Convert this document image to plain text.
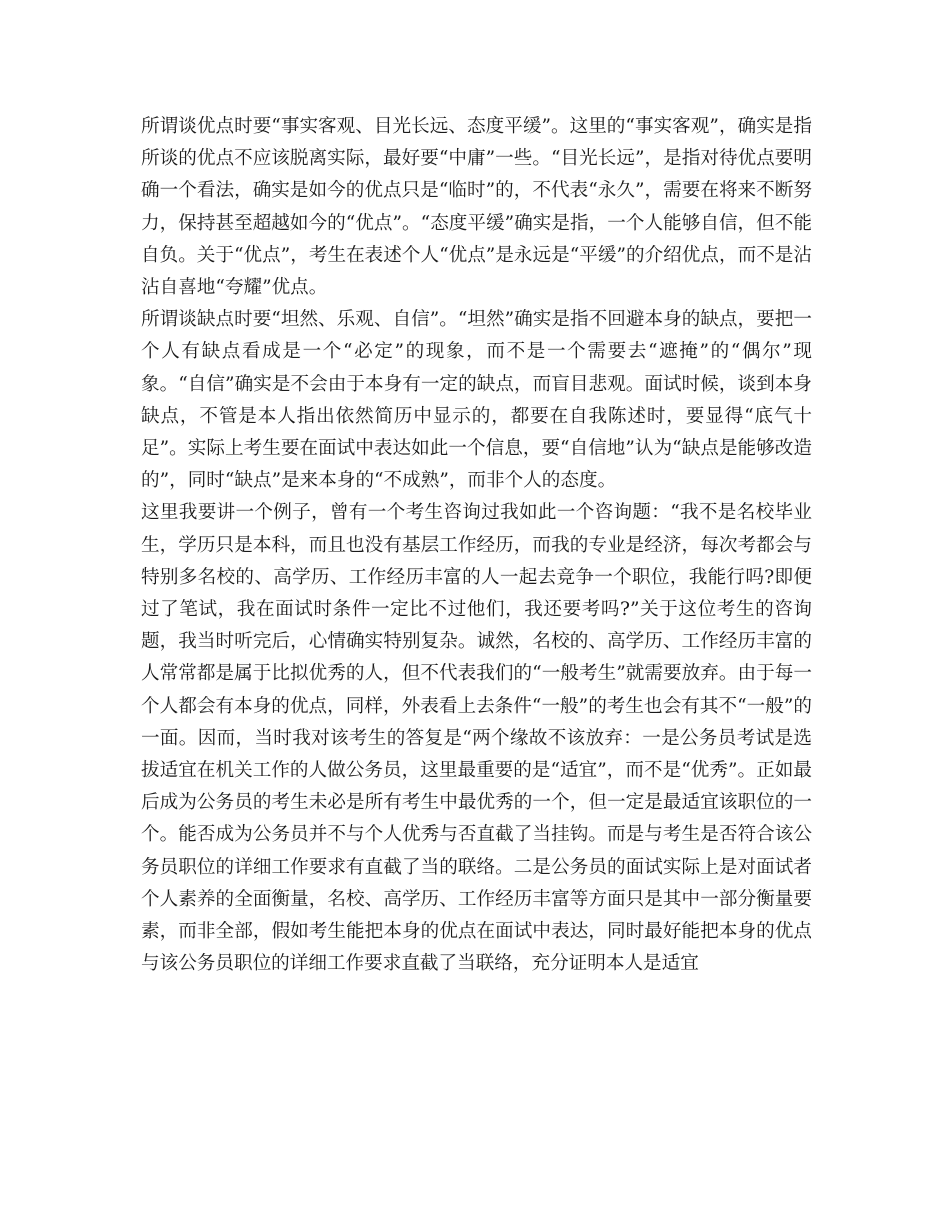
所谓谈优点时要“事实客观、目光长远、态度平缓”。这里的“事实客观”，确实是指所谈的优点不应该脱离实际，最好要“中庸”一些。“目光长远”，是指对待优点要明确一个看法，确实是如今的优点只是“临时”的，不代表“永久”，需要在将来不断努力，保持甚至超越如今的“优点”。“态度平缓”确实是指，一个人能够自信，但不能自负。关于“优点”，考生在表述个人“优点”是永远是“平缓”的介绍优点，而不是沾沾自喜地“夸耀”优点。

所谓谈缺点时要“坦然、乐观、自信”。“坦然”确实是指不回避本身的缺点，要把一个人有缺点看成是一个“必定”的现象，而不是一个需要去“遮掩”的“偶尔”现象。“自信”确实是不会由于本身有一定的缺点，而盲目悲观。面试时候，谈到本身缺点，不管是本人指出依然简历中显示的，都要在自我陈述时，要显得“底气十足”。实际上考生要在面试中表达如此一个信息，要“自信地”认为“缺点是能够改造的”，同时“缺点”是来本身的“不成熟”，而非个人的态度。

这里我要讲一个例子，曾有一个考生咨询过我如此一个咨询题：“我不是名校毕业生，学历只是本科，而且也没有基层工作经历，而我的专业是经济，每次考都会与特别多名校的、高学历、工作经历丰富的人一起去竞争一个职位，我能行吗?即便过了笔试，我在面试时条件一定比不过他们，我还要考吗?”关于这位考生的咨询题，我当时听完后，心情确实特别复杂。诚然，名校的、高学历、工作经历丰富的人常常都是属于比拟优秀的人，但不代表我们的“一般考生”就需要放弃。由于每一个人都会有本身的优点，同样，外表看上去条件“一般”的考生也会有其不“一般”的一面。因而，当时我对该考生的答复是“两个缘故不该放弃：一是公务员考试是选拔适宜在机关工作的人做公务员，这里最重要的是“适宜”，而不是“优秀”。正如最后成为公务员的考生未必是所有考生中最优秀的一个，但一定是最适宜该职位的一个。能否成为公务员并不与个人优秀与否直截了当挂钩。而是与考生是否符合该公务员职位的详细工作要求有直截了当的联络。二是公务员的面试实际上是对面试者个人素养的全面衡量，名校、高学历、工作经历丰富等方面只是其中一部分衡量要素，而非全部，假如考生能把本身的优点在面试中表达，同时最好能把本身的优点与该公务员职位的详细工作要求直截了当联络，充分证明本人是适宜
